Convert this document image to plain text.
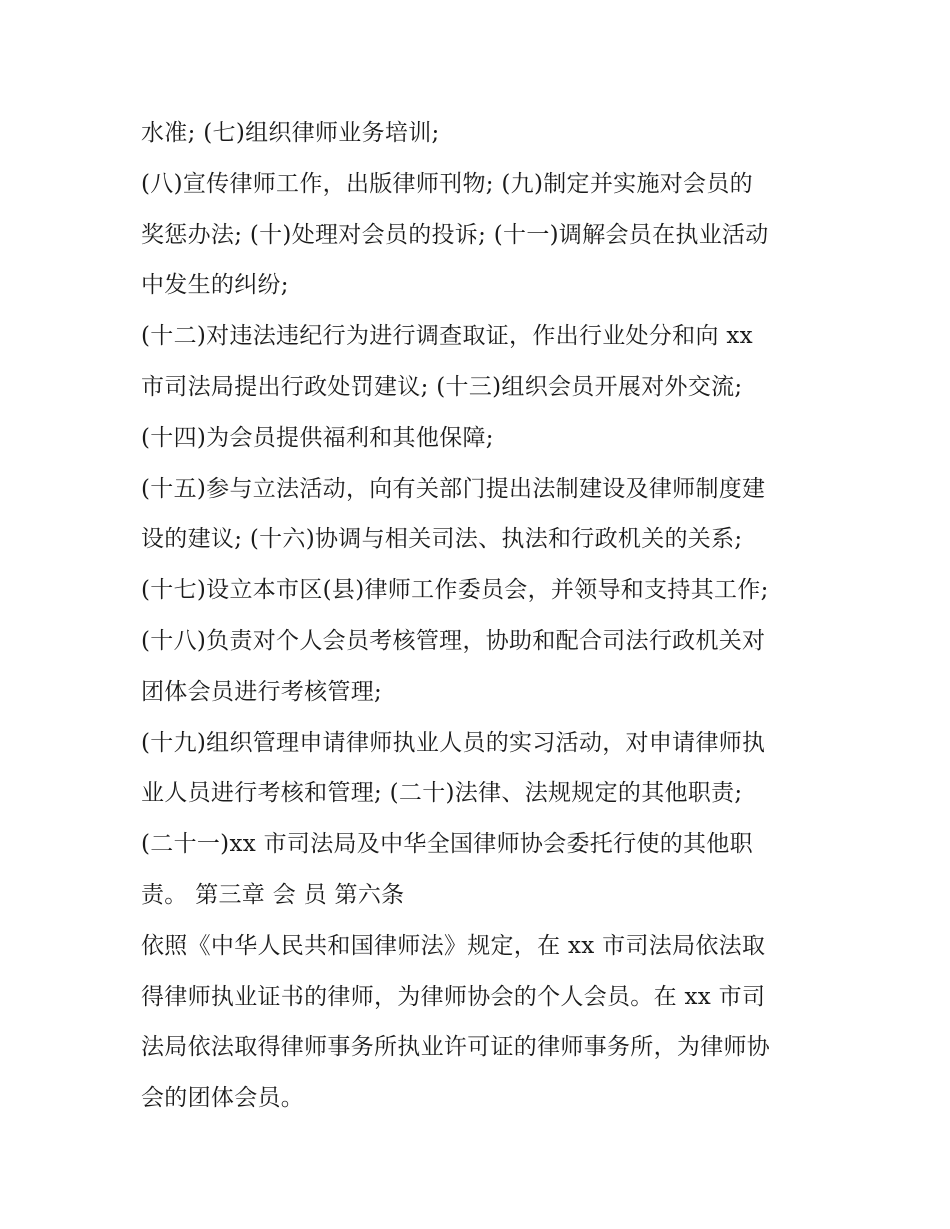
水准; (七)组织律师业务培训;
(八)宣传律师工作，出版律师刊物; (九)制定并实施对会员的
奖惩办法; (十)处理对会员的投诉; (十一)调解会员在执业活动
中发生的纠纷;
(十二)对违法违纪行为进行调查取证，作出行业处分和向 xx
市司法局提出行政处罚建议; (十三)组织会员开展对外交流;
(十四)为会员提供福利和其他保障;
(十五)参与立法活动，向有关部门提出法制建设及律师制度建
设的建议; (十六)协调与相关司法、执法和行政机关的关系;
(十七)设立本市区(县)律师工作委员会，并领导和支持其工作;
(十八)负责对个人会员考核管理，协助和配合司法行政机关对
团体会员进行考核管理;
(十九)组织管理申请律师执业人员的实习活动，对申请律师执
业人员进行考核和管理; (二十)法律、法规规定的其他职责;
(二十一)xx 市司法局及中华全国律师协会委托行使的其他职
责。 第三章 会 员 第六条
依照《中华人民共和国律师法》规定，在 xx 市司法局依法取
得律师执业证书的律师，为律师协会的个人会员。在 xx 市司
法局依法取得律师事务所执业许可证的律师事务所，为律师协
会的团体会员。
